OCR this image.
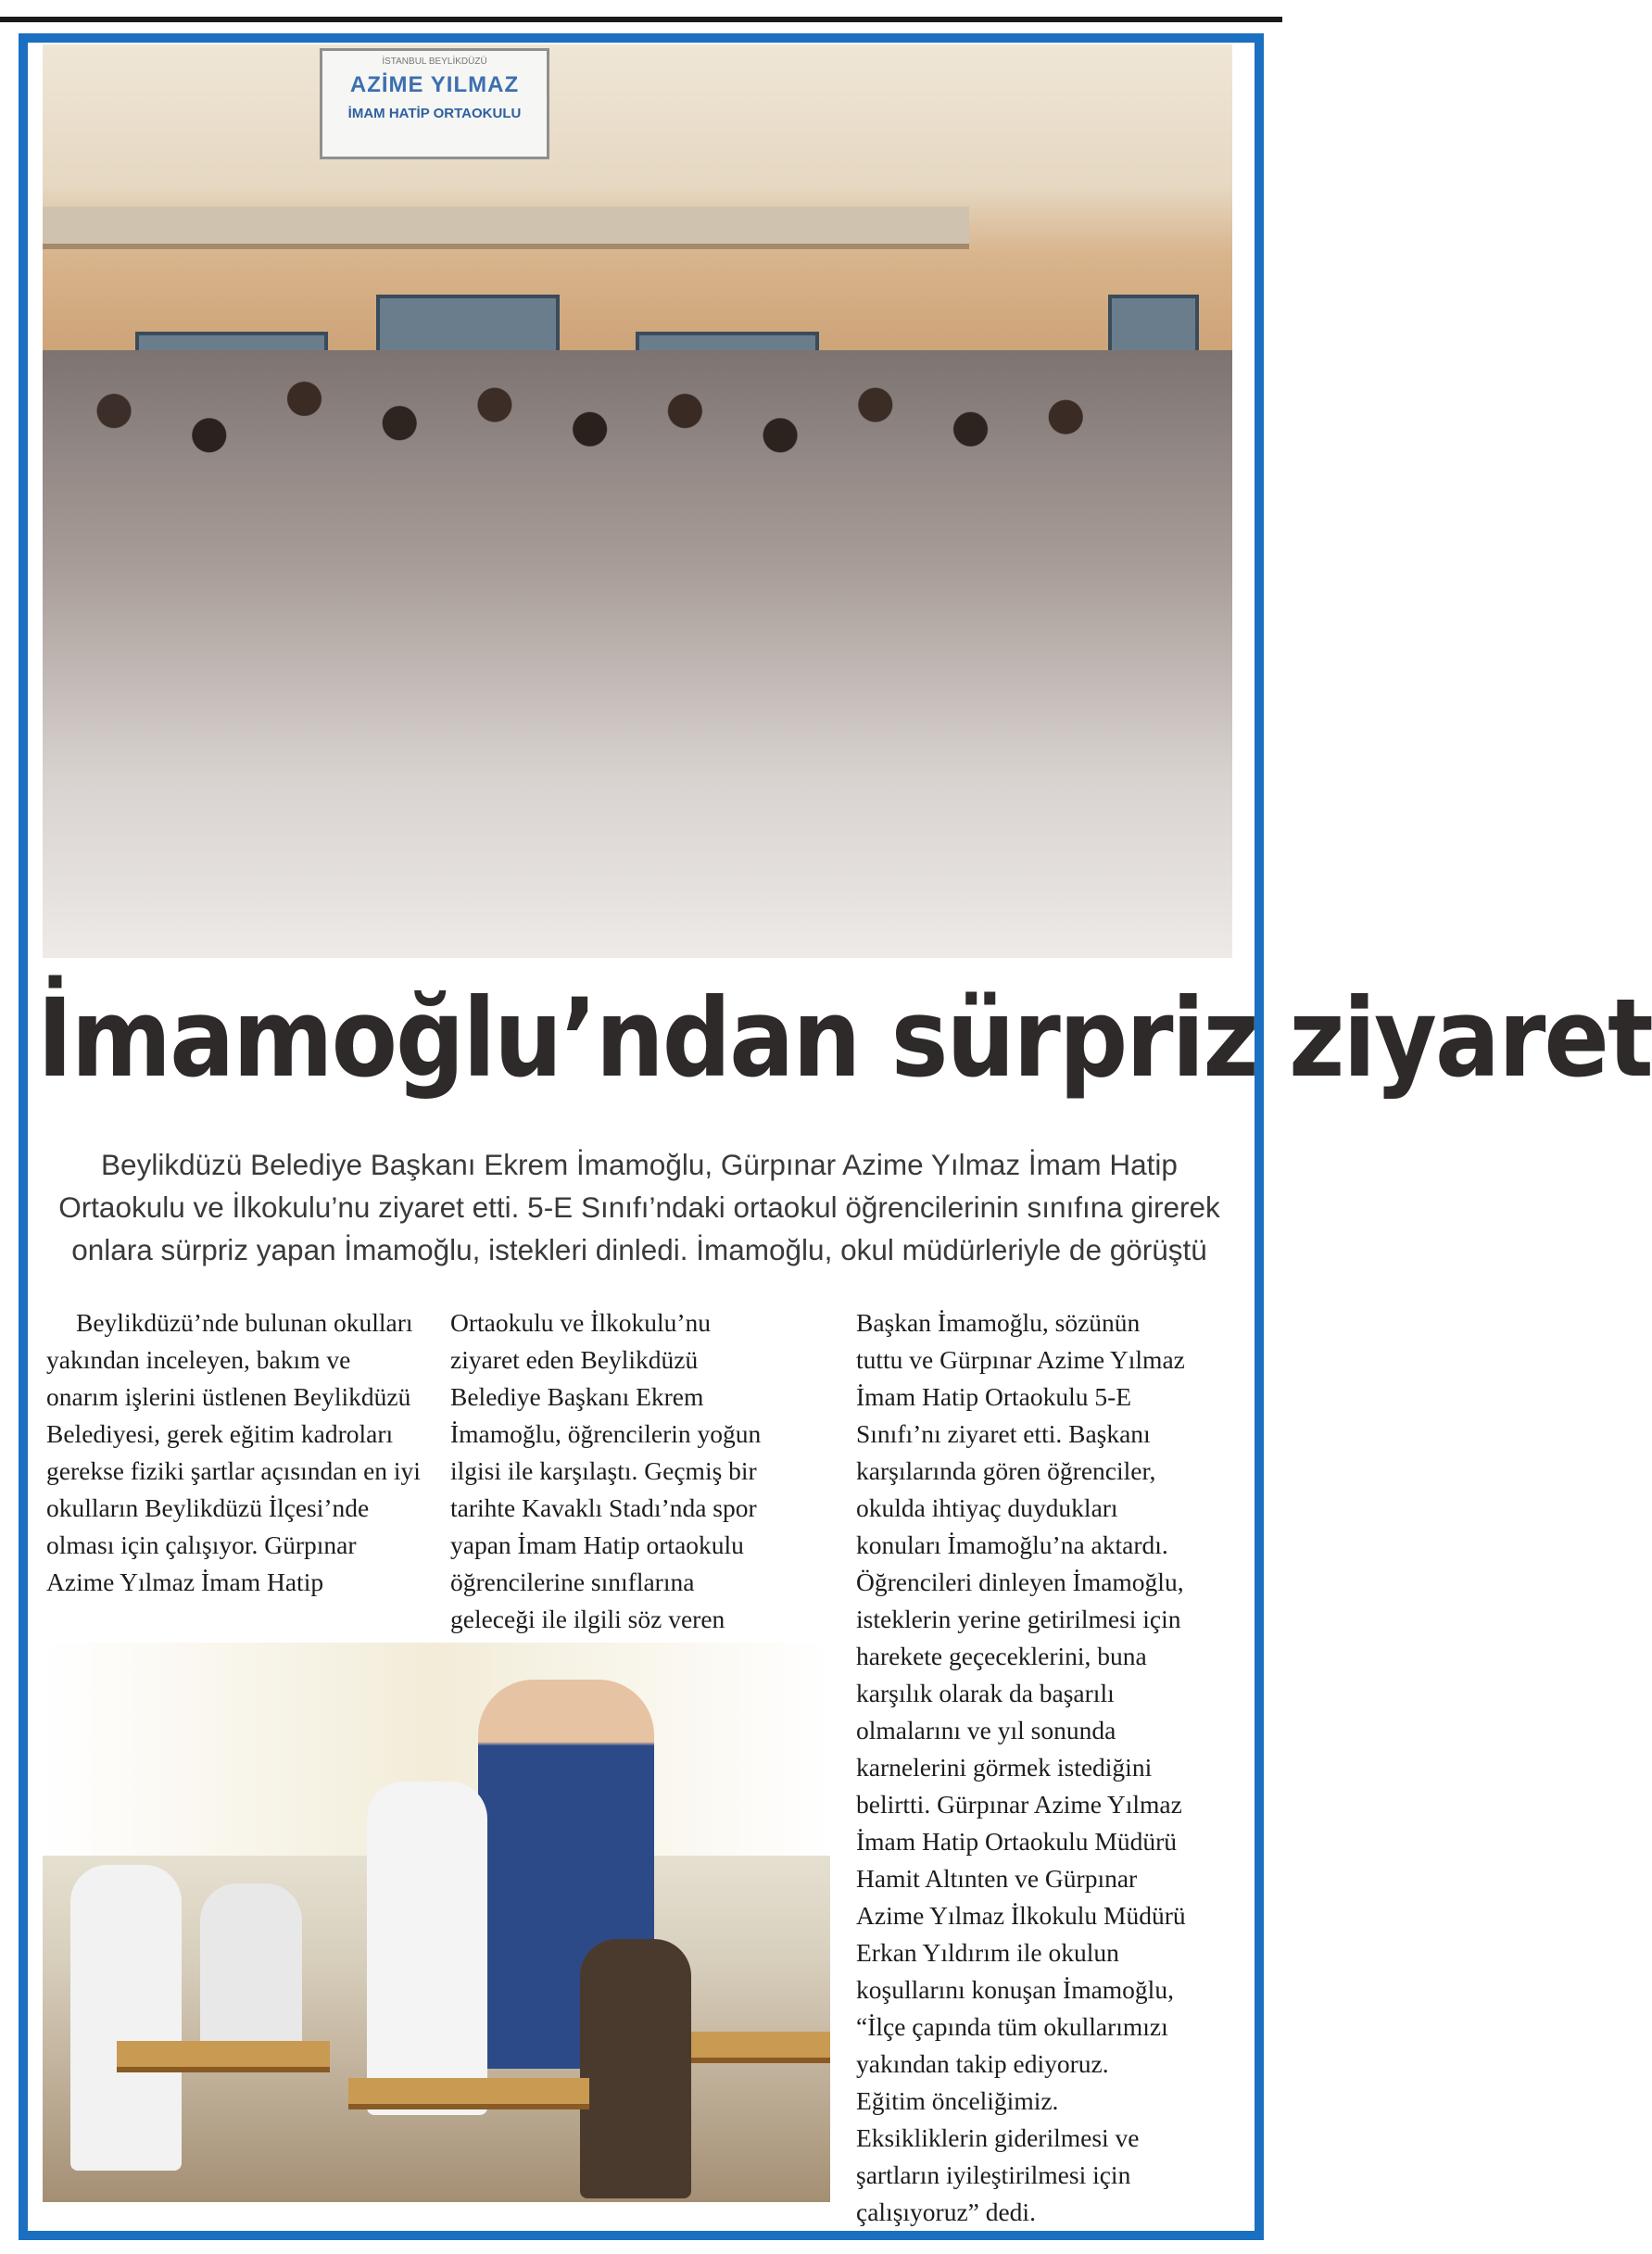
İSTANBUL BEYLİKDÜZÜ
AZİME YILMAZ
İMAM HATİP ORTAOKULU
İmamoğlu’ndan sürpriz ziyaret
Beylikdüzü Belediye Başkanı Ekrem İmamoğlu, Gürpınar Azime Yılmaz İmam Hatip Ortaokulu ve İlkokulu’nu ziyaret etti. 5-E Sınıfı’ndaki ortaokul öğrencilerinin sınıfına girerek onlara sürpriz yapan İmamoğlu, istekleri dinledi. İmamoğlu, okul müdürleriyle de görüştü
Beylikdüzü’nde bulunan okulları yakından inceleyen, bakım ve onarım işlerini üstlenen Beylikdüzü Belediyesi, gerek eğitim kadroları gerekse fiziki şartlar açısından en iyi okulların Beylikdüzü İlçesi’nde olması için çalışıyor. Gürpınar Azime Yılmaz İmam Hatip
Ortaokulu ve İlkokulu’nu
ziyaret eden Beylikdüzü
Belediye Başkanı Ekrem
İmamoğlu, öğrencilerin yoğun
ilgisi ile karşılaştı. Geçmiş bir
tarihte Kavaklı Stadı’nda spor
yapan İmam Hatip ortaokulu
öğrencilerine sınıflarına
geleceği ile ilgili söz veren
Başkan İmamoğlu, sözünün
tuttu ve Gürpınar Azime Yılmaz
İmam Hatip Ortaokulu 5-E
Sınıfı’nı ziyaret etti. Başkanı
karşılarında gören öğrenciler,
okulda ihtiyaç duydukları
konuları İmamoğlu’na aktardı.
Öğrencileri dinleyen İmamoğlu,
isteklerin yerine getirilmesi için
harekete geçeceklerini, buna
karşılık olarak da başarılı
olmalarını ve yıl sonunda
karnelerini görmek istediğini
belirtti. Gürpınar Azime Yılmaz
İmam Hatip Ortaokulu Müdürü
Hamit Altınten ve Gürpınar
Azime Yılmaz İlkokulu Müdürü
Erkan Yıldırım ile okulun
koşullarını konuşan İmamoğlu,
“İlçe çapında tüm okullarımızı
yakından takip ediyoruz.
Eğitim önceliğimiz.
Eksikliklerin giderilmesi ve
şartların iyileştirilmesi için
çalışıyoruz” dedi.
